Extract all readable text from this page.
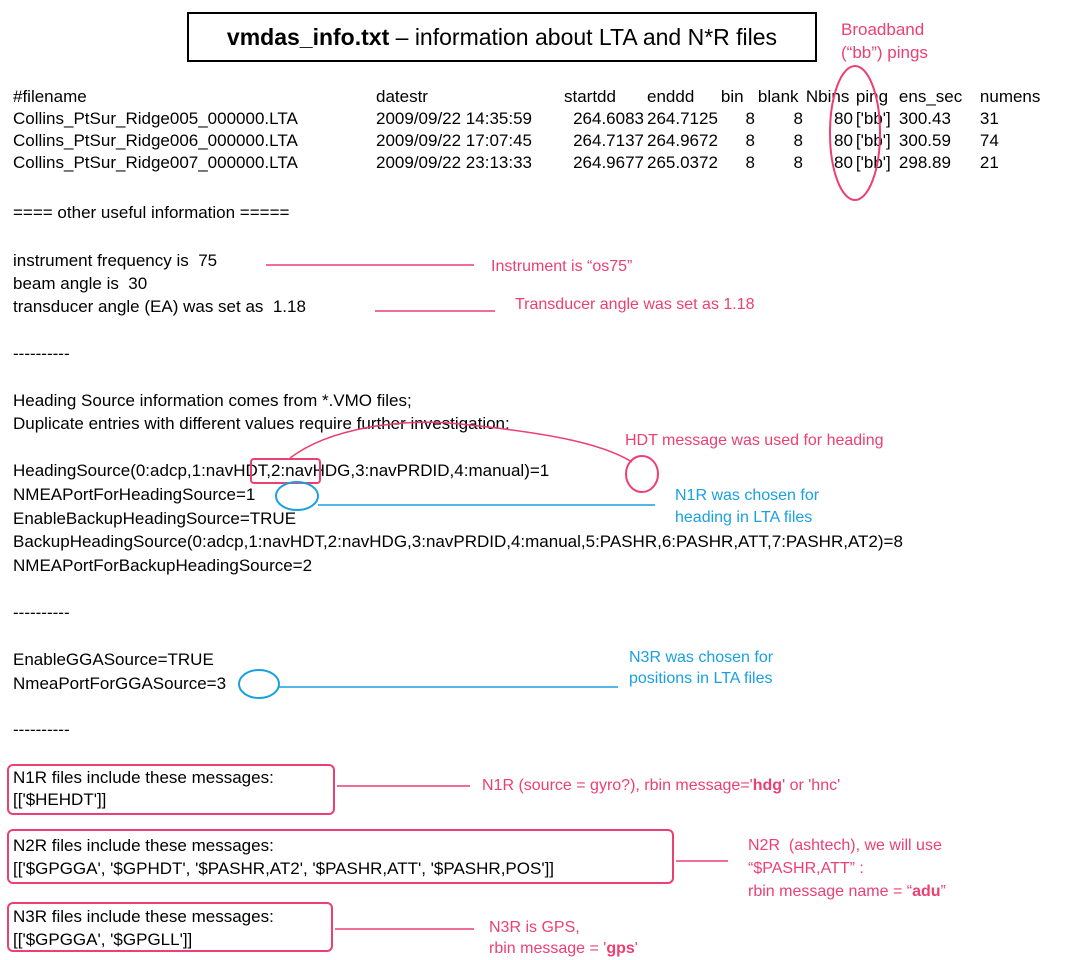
vmdas_info.txt – information about LTA and N*R files	Broadband
(“bb”) pings
#filename	datestr	startdd	enddd	bin	blank	Nbins	ping	ens_sec	numens
Collins_PtSur_Ridge005_000000.LTA	2009/09/22 14:35:59	264.6083	264.7125	8	8	80	['bb']	300.43	31
Collins_PtSur_Ridge006_000000.LTA	2009/09/22 17:07:45	264.7137	264.9672	8	8	80	['bb']	300.59	74
Collins_PtSur_Ridge007_000000.LTA	2009/09/22 23:13:33	264.9677	265.0372	8	8	80	['bb']	298.89	21
==== other useful information =====
instrument frequency is  75
beam angle is  30
transducer angle (EA) was set as  1.18
----------
Heading Source information comes from *.VMO files;
Duplicate entries with different values require further investigation:
HeadingSource(0:adcp,1:navHDT,2:navHDG,3:navPRDID,4:manual)=1
NMEAPortForHeadingSource=1
EnableBackupHeadingSource=TRUE
BackupHeadingSource(0:adcp,1:navHDT,2:navHDG,3:navPRDID,4:manual,5:PASHR,6:PASHR,ATT,7:PASHR,AT2)=8
NMEAPortForBackupHeadingSource=2
----------
EnableGGASource=TRUE
NmeaPortForGGASource=3
----------
N1R files include these messages:
[['$HEHDT']]
N2R files include these messages:
[['$GPGGA', '$GPHDT', '$PASHR,AT2', '$PASHR,ATT', '$PASHR,POS']]
N3R files include these messages:
[['$GPGGA', '$GPGLL']]
Instrument is “os75”
Transducer angle was set as 1.18
HDT message was used for heading
N1R was chosen for
heading in LTA files
N3R was chosen for
positions in LTA files
N1R (source = gyro?), rbin message='hdg' or 'hnc'
N2R  (ashtech), we will use
“$PASHR,ATT” :
rbin message name = “adu”
N3R is GPS,
rbin message = 'gps'
